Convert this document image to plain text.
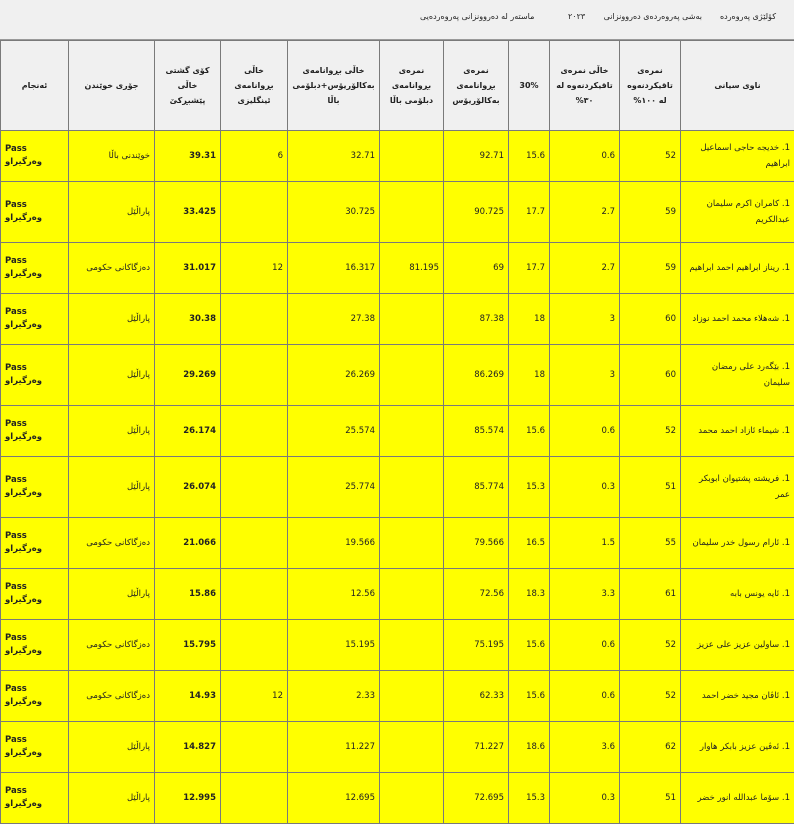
کۆلێژی پەروەردە
بەشی پەروەردەی دەروونزانی
٢٠٢٣
ماستەر لە دەروونزانی پەروەردەیی
ئەنجام	جۆری خوێندن	کۆی گشتی خاڵی پێشبڕکێ	خاڵی بڕوانامەی ئینگلیزی	خاڵی بڕوانامەی بەکالۆریۆس+دبلۆمی باڵا	نمرەی بڕوانامەی دبلۆمی باڵا	نمرەی بڕوانامەی بەکالۆریۆس	30%	خاڵی نمرەی تاقیکردنەوە لە ٣٠%	نمرەی تاقیکردنەوە لە ١٠٠%	ناوی سیانی
Pass وەرگیراو	خوێندنی باڵا	39.31	6	32.71		92.71	15.6	0.6	52	1. خدیجە حاجی اسماعیل ابراهیم
Pass وەرگیراو	پاراڵێل	33.425		30.725		90.725	17.7	2.7	59	1. کامران اکرم سلیمان عبدالکریم
Pass وەرگیراو	دەزگاکانی حکومی	31.017	12	16.317	81.195	69	17.7	2.7	59	1. ریناز ابراهیم احمد ابراهیم
Pass وەرگیراو	پاراڵێل	30.38		27.38		87.38	18	3	60	1. شەهلاء محمد احمد نوزاد
Pass وەرگیراو	پاراڵێل	29.269		26.269		86.269	18	3	60	1. بێگەرد علی رمضان سلیمان
Pass وەرگیراو	پاراڵێل	26.174		25.574		85.574	15.6	0.6	52	1. شیماء ئازاد احمد محمد
Pass وەرگیراو	پاراڵێل	26.074		25.774		85.774	15.3	0.3	51	1. فریشتە پشتیوان ابوبکر عمر
Pass وەرگیراو	دەزگاکانی حکومی	21.066		19.566		79.566	16.5	1.5	55	1. ئارام رسول خدر سلیمان
Pass وەرگیراو	پاراڵێل	15.86		12.56		72.56	18.3	3.3	61	1. ئایە یونس بابە
Pass وەرگیراو	دەزگاکانی حکومی	15.795		15.195		75.195	15.6	0.6	52	1. ساولین عزیز علی عزیز
Pass وەرگیراو	دەزگاکانی حکومی	14.93	12	2.33		62.33	15.6	0.6	52	1. ئاڤان مجید خضر احمد
Pass وەرگیراو	پاراڵێل	14.827		11.227		71.227	18.6	3.6	62	1. ئەڤین عزیز بابکر هاوار
Pass وەرگیراو	پاراڵێل	12.995		12.695		72.695	15.3	0.3	51	1. سۆما عبدالله انور خضر
